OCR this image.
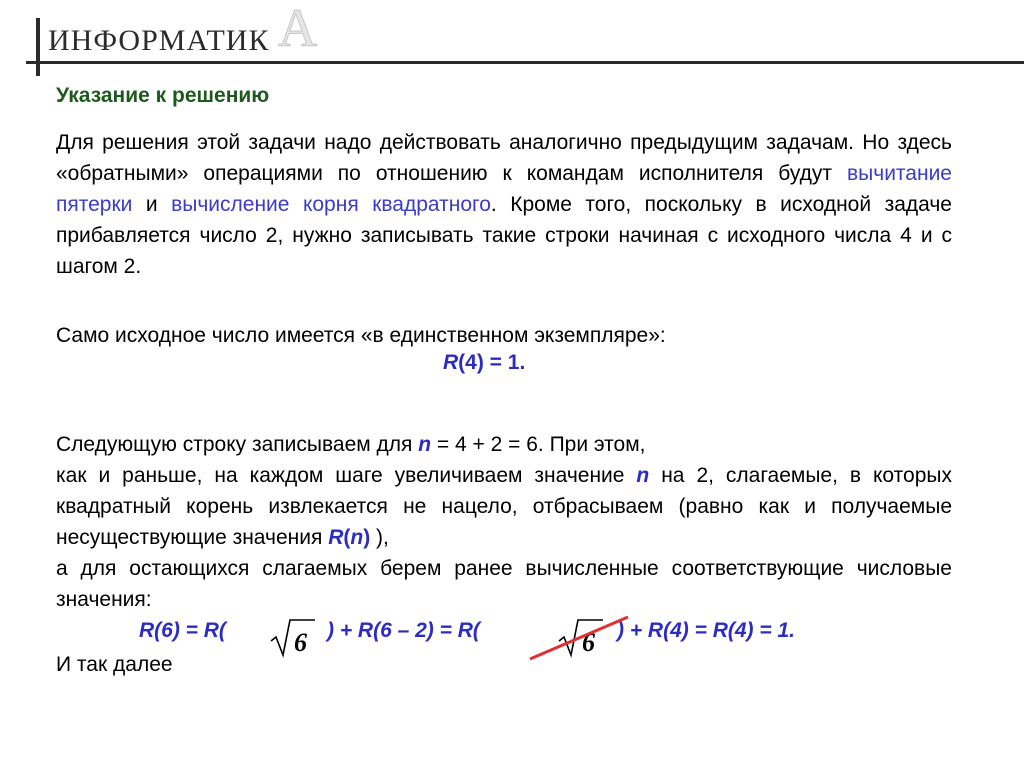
ИНФОРМАТИК А
Указание к решению
Для решения этой задачи надо действовать аналогично предыдущим задачам. Но здесь «обратными» операциями по отношению к командам исполнителя будут вычитание пятерки и вычисление корня квадратного. Кроме того, поскольку в исходной задаче прибавляется число 2, нужно записывать такие строки начиная с исходного числа 4 и с шагом 2.
Само исходное число имеется «в единственном экземпляре»:
R(4) = 1.
Следующую строку записываем для n = 4 + 2 = 6. При этом,
как и раньше, на каждом шаге увеличиваем значение n на 2, слагаемые, в которых квадратный корень извлекается не нацело, отбрасываем (равно как и получаемые несуществующие значения R(n) ),
а для остающихся слагаемых берем ранее вычисленные соответствующие числовые значения:
R(6) = R(	6 ) + R(6 – 2) = R(	6 ) + R(4) = R(4) = 1.
И так далее
